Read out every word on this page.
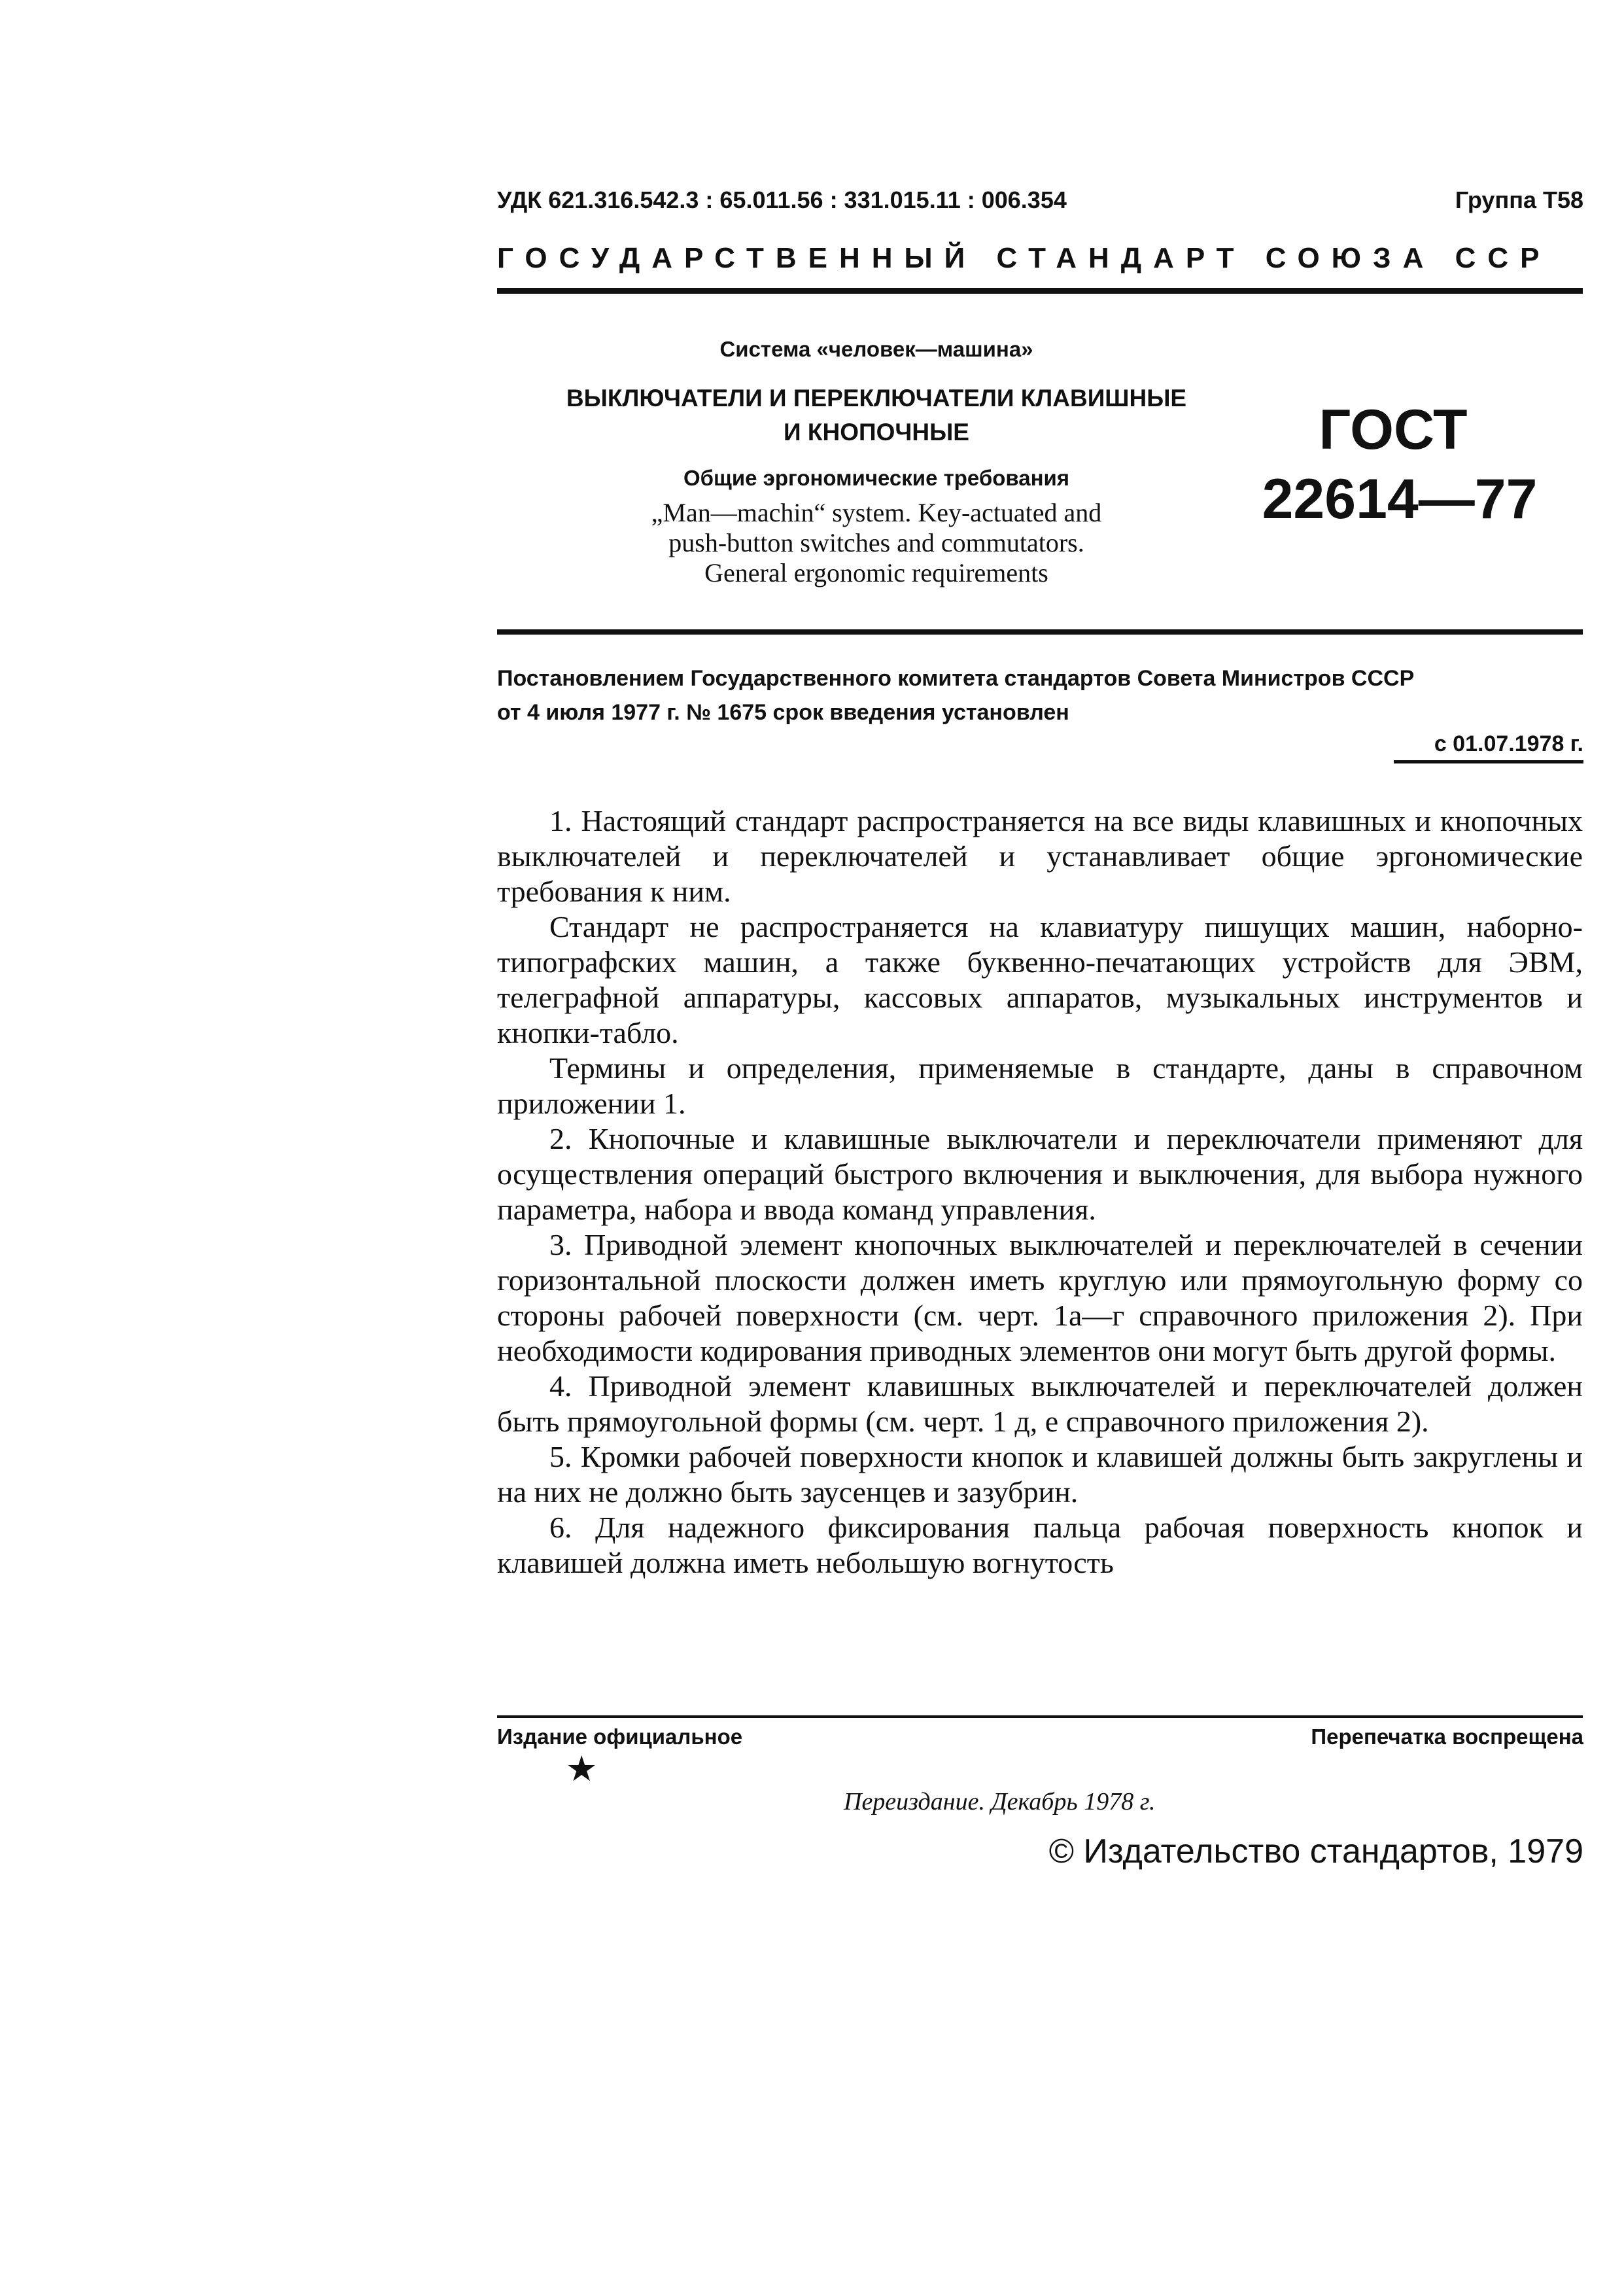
УДК 621.316.542.3 : 65.011.56 : 331.015.11 : 006.354	Группа Т58
ГОСУДАРСТВЕННЫЙ СТАНДАРТ СОЮЗА ССР
Система «человек—машина»
ВЫКЛЮЧАТЕЛИ И ПЕРЕКЛЮЧАТЕЛИ КЛАВИШНЫЕ
И КНОПОЧНЫЕ
Общие эргономические требования
„Man—machin“ system. Key-actuated and
push-button switches and commutators.
General ergonomic requirements
ГОСТ
22614—77
Постановлением Государственного комитета стандартов Совета Министров СССР
от 4 июля 1977 г. № 1675 срок введения установлен
с 01.07.1978 г.

1. Настоящий стандарт распространяется на все виды клавишных и кнопочных выключателей и переключателей и устанавливает общие эргономические требования к ним.

Стандарт не распространяется на клавиатуру пишущих машин, наборно-типографских машин, а также буквенно-печатающих устройств для ЭВМ, телеграфной аппаратуры, кассовых аппаратов, музыкальных инструментов и кнопки-табло.

Термины и определения, применяемые в стандарте, даны в справочном приложении 1.

2. Кнопочные и клавишные выключатели и переключатели применяют для осуществления операций быстрого включения и выключения, для выбора нужного параметра, набора и ввода команд управления.

3. Приводной элемент кнопочных выключателей и переключателей в сечении горизонтальной плоскости должен иметь круглую или прямоугольную форму со стороны рабочей поверхности (см. черт. 1а—г справочного приложения 2). При необходимости кодирования приводных элементов они могут быть другой формы.

4. Приводной элемент клавишных выключателей и переключателей должен быть прямоугольной формы (см. черт. 1 д, е справочного приложения 2).

5. Кромки рабочей поверхности кнопок и клавишей должны быть закруглены и на них не должно быть заусенцев и зазубрин.

6. Для надежного фиксирования пальца рабочая поверхность кнопок и клавишей должна иметь небольшую вогнутость

Издание официальное	Перепечатка воспрещена
★
Переиздание. Декабрь 1978 г.
© Издательство стандартов, 1979
